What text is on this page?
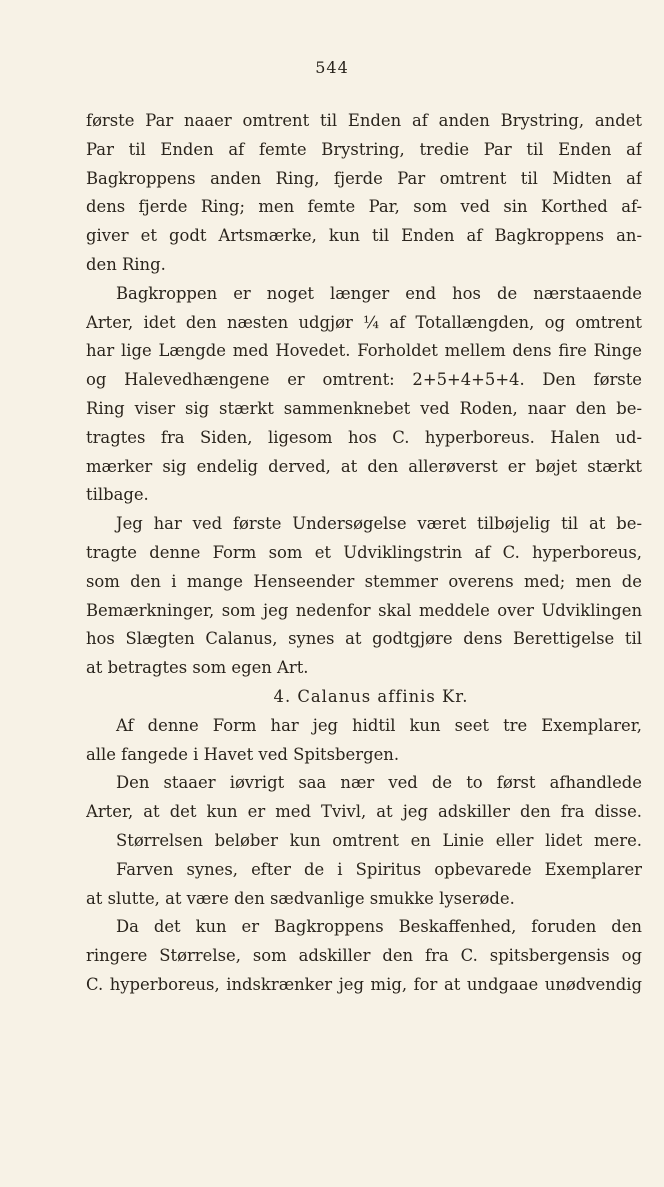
544
første Par naaer omtrent til Enden af anden Brystring, andet
Par til Enden af femte Brystring, tredie Par til Enden af
Bagkroppens anden Ring, fjerde Par omtrent til Midten af
dens fjerde Ring; men femte Par, som ved sin Korthed af-
giver et godt Artsmærke, kun til Enden af Bagkroppens an-
den Ring.
Bagkroppen er noget længer end hos de nærstaaende
Arter, idet den næsten udgjør ¼ af Totallængden, og omtrent
har lige Længde med Hovedet. Forholdet mellem dens fire Ringe
og Halevedhængene er omtrent: 2+5+4+5+4. Den første
Ring viser sig stærkt sammenknebet ved Roden, naar den be-
tragtes fra Siden, ligesom hos C. hyperboreus. Halen ud-
mærker sig endelig derved, at den allerøverst er bøjet stærkt
tilbage.
Jeg har ved første Undersøgelse været tilbøjelig til at be-
tragte denne Form som et Udviklingstrin af C. hyperboreus,
som den i mange Henseender stemmer overens med; men de
Bemærkninger, som jeg nedenfor skal meddele over Udviklingen
hos Slægten Calanus, synes at godtgjøre dens Berettigelse til
at betragtes som egen Art.
4. Calanus affinis Kr.
Af denne Form har jeg hidtil kun seet tre Exemplarer,
alle fangede i Havet ved Spitsbergen.
Den staaer iøvrigt saa nær ved de to først afhandlede
Arter, at det kun er med Tvivl, at jeg adskiller den fra disse.
Størrelsen beløber kun omtrent en Linie eller lidet mere.
Farven synes, efter de i Spiritus opbevarede Exemplarer
at slutte, at være den sædvanlige smukke lyserøde.
Da det kun er Bagkroppens Beskaffenhed, foruden den
ringere Størrelse, som adskiller den fra C. spitsbergensis og
C. hyperboreus, indskrænker jeg mig, for at undgaae unødvendig
